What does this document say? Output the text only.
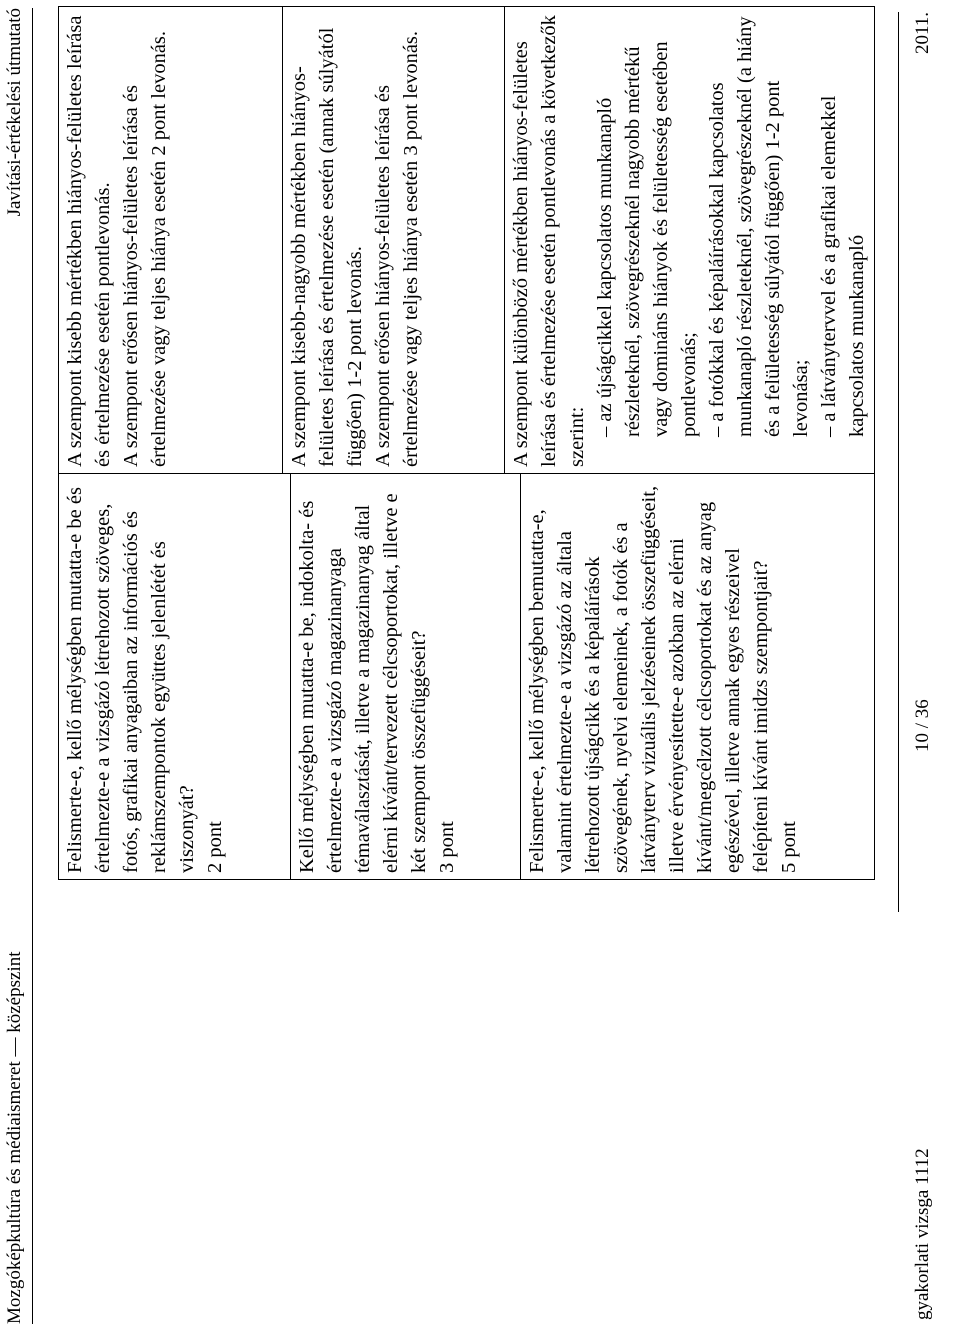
Mozgóképkultúra és médiaismeret — középszint
Javítási-értékelési útmutató

Felismerte-e, kellő mélységben mutatta-e be és értelmezte-e a vizsgázó létrehozott szöveges, fotós, grafikai anyagaiban az információs és reklámszempontok együttes jelenlétét és viszonyát? 2 pont	Kellő mélységben mutatta-e be, indokolta- és értelmezte-e a vizsgázó magazinanyaga témaválasztását, illetve a magazinanyag által elérni kívánt/tervezett célcsoportokat, illetve e két szempont összefüggéseit? 3 pont	Felismerte-e, kellő mélységben bemutatta-e, valamint értelmezte-e a vizsgázó az általa létrehozott újságcikk és a képaláírások szövegének, nyelvi elemeinek, a fotók és a látványterv vizuális jelzéseinek összefüggéseit, illetve érvényesítette-e azokban az elérni kívánt/megcélzott célcsoportokat és az anyag egészével, illetve annak egyes részeivel felépíteni kívánt imidzs szempontjait? 5 pont

A szempont kisebb mértékben hiányos-felületes leírása és értelmezése esetén pontlevonás. A szempont erősen hiányos-felületes leírása és értelmezése vagy teljes hiánya esetén 2 pont levonás.	A szempont kisebb-nagyobb mértékben hiányos-felületes leírása és értelmezése esetén (annak súlyától függően) 1-2 pont levonás. A szempont erősen hiányos-felületes leírása és értelmezése vagy teljes hiánya esetén 3 pont levonás.	A szempont különböző mértékben hiányos-felületes leírása és értelmezése esetén pontlevonás a következők szerint: – az újságcikkel kapcsolatos munkanapló részleteknél, szövegrészeknél nagyobb mértékű vagy domináns hiányok és felületesség esetében pontlevonás; – a fotókkal és képaláírásokkal kapcsolatos munkanapló részleteknél, szövegrészeknél (a hiány és a felületesség súlyától függően) 1-2 pont levonása; – a látványtervvel és a grafikai elemekkel kapcsolatos munkanapló

gyakorlati vizsga 1112
10 / 36
2011.
